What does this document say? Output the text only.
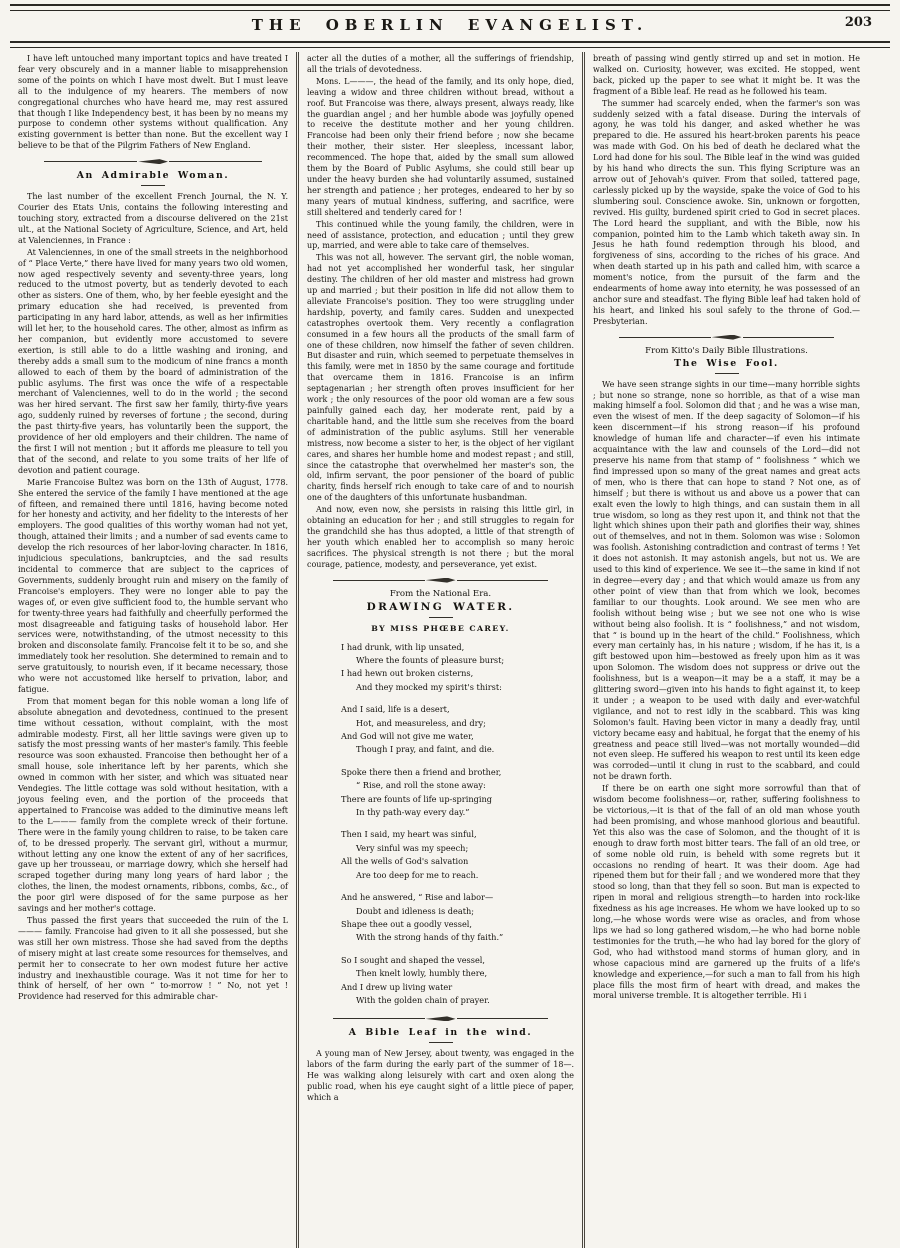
THE OBERLIN EVANGELIST.	203

I have left untouched many important topics and have treated I fear very obscurely and in a manner liable to misapprehension some of the points on which I have most dwelt. But I must leave all to the indulgence of my hearers. The members of now congregational churches who have heard me, may rest assured that though I like Independency best, it has been by no means my purpose to condemn other systems without qualification. Any existing government is better than none. But the excellent way I believe to be that of the Pilgrim Fathers of New England.

An Admirable Woman.

The last number of the excellent French Journal, the N. Y. Courier des Etats Unis, contains the following interesting and touching story, extracted from a discourse delivered on the 21st ult., at the National Society of Agriculture, Science, and Art, held at Valenciennes, in France :

At Valenciennes, in one of the small streets in the neighborhood of “ Place Verte,” there have lived for many years two old women, now aged respectively seventy and seventy-three years, long reduced to the utmost poverty, but as tenderly devoted to each other as sisters. One of them, who, by her feeble eyesight and the primary education she had received, is prevented from participating in any hard labor, attends, as well as her infirmities will let her, to the household cares. The other, almost as infirm as her companion, but evidently more accustomed to severe exertion, is still able to do a little washing and ironing, and thereby adds a small sum to the modicum of nine francs a month allowed to each of them by the board of administration of the public asylums. The first was once the wife of a respectable merchant of Valenciennes, well to do in the world ; the second was her hired servant. The first saw her family, thirty-five years ago, suddenly ruined by reverses of fortune ; the second, during the past thirty-five years, has voluntarily been the support, the providence of her old employers and their children. The name of the first I will not mention ; but it affords me pleasure to tell you that of the second, and relate to you some traits of her life of devotion and patient courage.

Marie Francoise Bultez was born on the 13th of August, 1778. She entered the service of the family I have mentioned at the age of fifteen, and remained there until 1816, having become noted for her honesty and activity, and her fidelity to the interests of her employers. The good qualities of this worthy woman had not yet, though, attained their limits ; and a number of sad events came to develop the rich resources of her labor-loving character. In 1816, injudicious speculations, bankruptcies, and the sad results incidental to commerce that are subject to the caprices of Governments, suddenly brought ruin and misery on the family of Francoise's employers. They were no longer able to pay the wages of, or even give sufficient food to, the humble servant who for twenty-three years had faithfully and cheerfully performed the most disagreeable and fatiguing tasks of household labor. Her services were, notwithstanding, of the utmost necessity to this broken and disconsolate family. Francoise felt it to be so, and she immediately took her resolution. She determined to remain and to serve gratuitously, to nourish even, if it became necessary, those who were not accustomed like herself to privation, labor, and fatigue.

From that moment began for this noble woman a long life of absolute abnegation and devotedness, continued to the present time without cessation, without complaint, with the most admirable modesty. First, all her little savings were given up to satisfy the most pressing wants of her master's family. This feeble resource was soon exhausted. Francoise then bethought her of a small house, sole inheritance left by her parents, which she owned in common with her sister, and which was situated near Vendegies. The little cottage was sold without hesitation, with a joyous feeling even, and the portion of the proceeds that appertained to Francoise was added to the diminutive means left to the L——— family from the complete wreck of their fortune. There were in the family young children to raise, to be taken care of, to be dressed properly. The servant girl, without a murmur, without letting any one know the extent of any of her sacrifices, gave up her trousseau, or marriage dowry, which she herself had scraped together during many long years of hard labor ; the clothes, the linen, the modest ornaments, ribbons, combs, &c., of the poor girl were disposed of for the same purpose as her savings and her mother's cottage.

Thus passed the first years that succeeded the ruin of the L——— family. Francoise had given to it all she possessed, but she was still her own mistress. Those she had saved from the depths of misery might at last create some resources for themselves, and permit her to consecrate to her own modest future her active industry and inexhaustible courage. Was it not time for her to think of herself, of her own “ to-morrow ! ” No, not yet ! Providence had reserved for this admirable char-

acter all the duties of a mother, all the sufferings of friendship, all the trials of devotedness.

Mons. L———, the head of the family, and its only hope, died, leaving a widow and three children without bread, without a roof. But Francoise was there, always present, always ready, like the guardian angel ; and her humble abode was joyfully opened to receive the destitute mother and her young children. Francoise had been only their friend before ; now she became their mother, their sister. Her sleepless, incessant labor, recommenced. The hope that, aided by the small sum allowed them by the Board of Public Asylums, she could still bear up under the heavy burden she had voluntarily assumed, sustained her strength and patience ; her proteges, endeared to her by so many years of mutual kindness, suffering, and sacrifice, were still sheltered and tenderly cared for !

This continued while the young family, the children, were in need of assistance, protection, and education ; until they grew up, married, and were able to take care of themselves.

This was not all, however. The servant girl, the noble woman, had not yet accomplished her wonderful task, her singular destiny. The children of her old master and mistress had grown up and married ; but their position in life did not allow them to alleviate Francoise's position. They too were struggling under hardship, poverty, and family cares. Sudden and unexpected catastrophes overtook them. Very recently a conflagration consumed in a few hours all the products of the small farm of one of these children, now himself the father of seven children. But disaster and ruin, which seemed to perpetuate themselves in this family, were met in 1850 by the same courage and fortitude that overcame them in 1816. Francoise is an infirm septagenarian ; her strength often proves insufficient for her work ; the only resources of the poor old woman are a few sous painfully gained each day, her moderate rent, paid by a charitable hand, and the little sum she receives from the board of administration of the public asylums. Still her venerable mistress, now become a sister to her, is the object of her vigilant cares, and shares her humble home and modest repast ; and still, since the catastrophe that overwhelmed her master's son, the old, infirm servant, the poor pensioner of the board of public charity, finds herself rich enough to take care of and to nourish one of the daughters of this unfortunate husbandman.

And now, even now, she persists in raising this little girl, in obtaining an education for her ; and still struggles to regain for the grandchild she has thus adopted, a little of that strength of her youth which enabled her to accomplish so many heroic sacrifices. The physical strength is not there ; but the moral courage, patience, modesty, and perseverance, yet exist.

From the National Era.
DRAWING WATER.
BY MISS PHŒBE CAREY.
I had drunk, with lip unsated,
Where the founts of pleasure burst;
I had hewn out broken cisterns,
And they mocked my spirit's thirst:
And I said, life is a desert,
Hot, and measureless, and dry;
And God will not give me water,
Though I pray, and faint, and die.
Spoke there then a friend and brother,
“ Rise, and roll the stone away:
There are founts of life up-springing
In thy path-way every day.”
Then I said, my heart was sinful,
Very sinful was my speech;
All the wells of God's salvation
Are too deep for me to reach.
And he answered, “ Rise and labor—
Doubt and idleness is death;
Shape thee out a goodly vessel,
With the strong hands of thy faith.”
So I sought and shaped the vessel,
Then knelt lowly, humbly there,
And I drew up living water
With the golden chain of prayer.
A Bible Leaf in the wind.

A young man of New Jersey, about twenty, was engaged in the labors of the farm during the early part of the summer of 18—. He was walking along leisurely with cart and oxen along the public road, when his eye caught sight of a little piece of paper, which a

breath of passing wind gently stirred up and set in motion. He walked on. Curiosity, however, was excited. He stopped, went back, picked up the paper to see what it might be. It was the fragment of a Bible leaf. He read as he followed his team.

The summer had scarcely ended, when the farmer's son was suddenly seized with a fatal disease. During the intervals of agony, he was told his danger, and asked whether he was prepared to die. He assured his heart-broken parents his peace was made with God. On his bed of death he declared what the Lord had done for his soul. The Bible leaf in the wind was guided by his hand who directs the sun. This flying Scripture was an arrow out of Jehovah's quiver. From that soiled, tattered page, carlessly picked up by the wayside, spake the voice of God to his slumbering soul. Conscience awoke. Sin, unknown or forgotten, revived. His guilty, burdened spirit cried to God in secret places. The Lord heard the suppliant, and with the Bible, now his companion, pointed him to the Lamb which taketh away sin. In Jesus he hath found redemption through his blood, and forgiveness of sins, according to the riches of his grace. And when death started up in his path and called him, with scarce a moment's notice, from the pursuit of the farm and the endearments of home away into eternity, he was possessed of an anchor sure and steadfast. The flying Bible leaf had taken hold of his heart, and linked his soul safely to the throne of God.— Presbyterian.

From Kitto's Daily Bible Illustrations.
The Wise Fool.

We have seen strange sights in our time—many horrible sights ; but none so strange, none so horrible, as that of a wise man making himself a fool. Solomon did that ; and he was a wise man, even the wisest of men. If the deep sagacity of Solomon—if his keen discernment—if his strong reason—if his profound knowledge of human life and character—if even his intimate acquaintance with the law and counsels of the Lord—did not preserve his name from that stamp of “ foolishness ” which we find impressed upon so many of the great names and great acts of men, who is there that can hope to stand ? Not one, as of himself ; but there is without us and above us a power that can exalt even the lowly to high things, and can sustain them in all true wisdom, so long as they rest upon it, and think not that the light which shines upon their path and glorifies their way, shines out of themselves, and not in them. Solomon was wise : Solomon was foolish. Astonishing contradiction and contrast of terms ! Yet it does not astonish. It may astonish angels, but not us. We are used to this kind of experience. We see it—the same in kind if not in degree—every day ; and that which would amaze us from any other point of view than that from which we look, becomes familiar to our thoughts. Look around. We see men who are foolish without being wise ; but we see not one who is wise without being also foolish. It is “ foolishness,” and not wisdom, that “ is bound up in the heart of the child.” Foolishness, which every man certainly has, in his nature ; wisdom, if he has it, is a gift bestowed upon him—bestowed as freely upon him as it was upon Solomon. The wisdom does not suppress or drive out the foolishness, but is a weapon—it may be a a staff, it may be a glittering sword—given into his hands to fight against it, to keep it under ; a weapon to be used with daily and ever-watchful vigilance, and not to rest idly in the scabbard. This was king Solomon's fault. Having been victor in many a deadly fray, until victory became easy and habitual, he forgat that the enemy of his greatness and peace still lived—was not mortally wounded—did not even sleep. He suffered his weapon to rest until its keen edge was corroded—until it clung in rust to the scabbard, and could not be drawn forth.

If there be on earth one sight more sorrowful than that of wisdom become foolishness—or, rather, suffering foolishness to be victorious,—it is that of the fall of an old man whose youth had been promising, and whose manhood glorious and beautiful. Yet this also was the case of Solomon, and the thought of it is enough to draw forth most bitter tears. The fall of an old tree, or of some noble old ruin, is beheld with some regrets but it occasions no rending of heart. It was their doom. Age had ripened them but for their fall ; and we wondered more that they stood so long, than that they fell so soon. But man is expected to ripen in moral and religious strength—to harden into rock-like fixedness as his age increases. He whom we have looked up to so long,—he whose words were wise as oracles, and from whose lips we had so long gathered wisdom,—he who had borne noble testimonies for the truth,—he who had lay bored for the glory of God, who had withstood mand storms of human glory, and in whose capacious mind are garnered up the fruits of a life's knowledge and experience,—for such a man to fall from his high place fills the most firm of heart with dread, and makes the moral universe tremble. It is altogether terrible. Hi i
